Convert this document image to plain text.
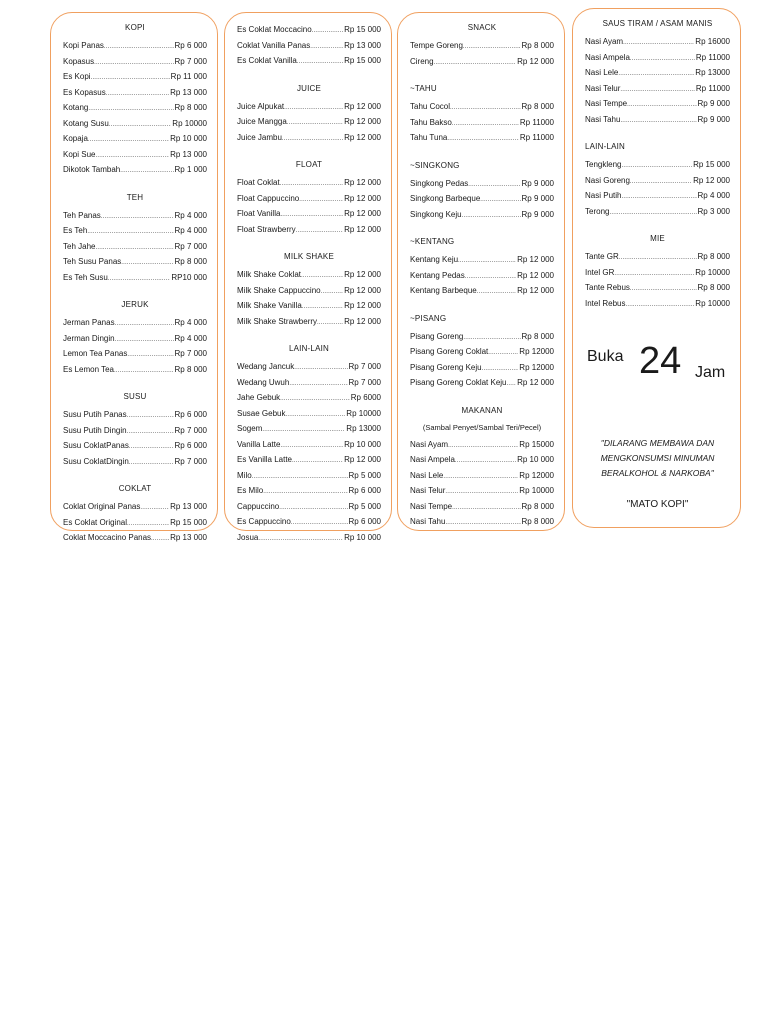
KOPI
Kopi Panas .....	Rp 6 000
Kopasus .....	Rp 7 000
Es Kopi .....	Rp 11 000
Es Kopasus .....	Rp 13 000
Kotang .....	Rp 8 000
Kotang Susu .....	Rp 10000
Kopaja .....	Rp 10 000
Kopi Sue .....	Rp 13 000
Dikotok Tambah .....	Rp 1 000
TEH
Teh Panas .....	Rp 4 000
Es Teh .....	Rp 4 000
Teh Jahe .....	Rp 7 000
Teh Susu Panas .....	Rp 8 000
Es Teh Susu .....	RP10 000
JERUK
Jerman Panas .....	Rp 4 000
Jerman Dingin .....	Rp 4 000
Lemon Tea Panas .....	Rp 7 000
Es Lemon Tea .....	Rp 8 000
SUSU
Susu Putih Panas .....	Rp 6 000
Susu Putih Dingin .....	Rp 7 000
Susu CoklatPanas .....	Rp 6 000
Susu CoklatDingin .....	Rp 7 000
COKLAT
Coklat Original Panas .....	Rp 13 000
Es Coklat Original .....	Rp 15 000
Coklat Moccacino Panas ..... Rp 13 000
Es Coklat Moccacino .....	Rp 15 000
Coklat Vanilla Panas .....	Rp 13 000
Es Coklat Vanilla .....	Rp 15 000
JUICE
Juice Alpukat .....	Rp 12 000
Juice Mangga .....	Rp 12 000
Juice Jambu .....	Rp 12 000
FLOAT
Float Coklat .....	Rp 12 000
Float Cappuccino .....	Rp 12 000
Float Vanilla .....	Rp 12 000
Float Strawberry .....	Rp 12 000
MILK SHAKE
Milk Shake Coklat .....	Rp 12 000
Milk Shake Cappuccino .....	Rp 12 000
Milk Shake Vanilla .....	Rp 12 000
Milk Shake Strawberry .....	Rp 12 000
LAIN-LAIN
Wedang Jancuk .....	Rp 7 000
Wedang Uwuh .....	Rp 7 000
Jahe Gebuk .....	Rp 6000
Susae Gebuk .....	Rp 10000
Sogem .....	Rp 13000
Vanilla Latte .....	Rp 10 000
Es Vanilla Latte .....	Rp 12 000
Milo .....	Rp 5 000
Es Milo .....	Rp 6 000
Cappuccino .....	Rp 5 000
Es Cappuccino .....	Rp 6 000
Josua .....	Rp 10 000
SNACK
Tempe Goreng .....	Rp 8 000
Cireng .....	Rp 12 000
~TAHU
Tahu Cocol .....	Rp 8 000
Tahu Bakso .....	Rp 11000
Tahu Tuna .....	Rp 11000
~SINGKONG
Singkong Pedas .....	Rp 9 000
Singkong Barbeque .....	Rp 9 000
Singkong Keju .....	Rp 9 000
~KENTANG
Kentang Keju .....	Rp 12 000
Kentang Pedas .....	Rp 12 000
Kentang Barbeque .....	Rp 12 000
~PISANG
Pisang Goreng .....	Rp 8 000
Pisang Goreng Coklat .....	Rp 12000
Pisang Goreng Keju .....	Rp 12000
Pisang Goreng Coklat Keju ..... Rp 12 000
MAKANAN
(Sambal Penyet/Sambal Teri/Pecel)
Nasi Ayam .....	Rp 15000
Nasi Ampela .....	Rp 10 000
Nasi Lele .....	Rp 12000
Nasi Telur .....	Rp 10000
Nasi Tempe .....	Rp 8 000
Nasi Tahu .....	Rp 8 000
SAUS TIRAM / ASAM MANIS
Nasi Ayam .....	Rp 16000
Nasi Ampela .....	Rp 11000
Nasi Lele .....	Rp 13000
Nasi Telur .....	Rp 11000
Nasi Tempe .....	Rp 9 000
Nasi Tahu .....	Rp 9 000
LAIN-LAIN
Tengkleng .....	Rp 15 000
Nasi Goreng .....	Rp 12 000
Nasi Putih .....	Rp 4 000
Terong .....	Rp 3 000
MIE
Tante GR .....	Rp 8 000
Intel GR .....	Rp 10000
Tante Rebus .....	Rp 8 000
Intel Rebus .....	Rp 10000
Buka 24 Jam
"DILARANG MEMBAWA DAN
MENGKONSUMSI MINUMAN
BERALKOHOL & NARKOBA"
"MATO KOPI"
